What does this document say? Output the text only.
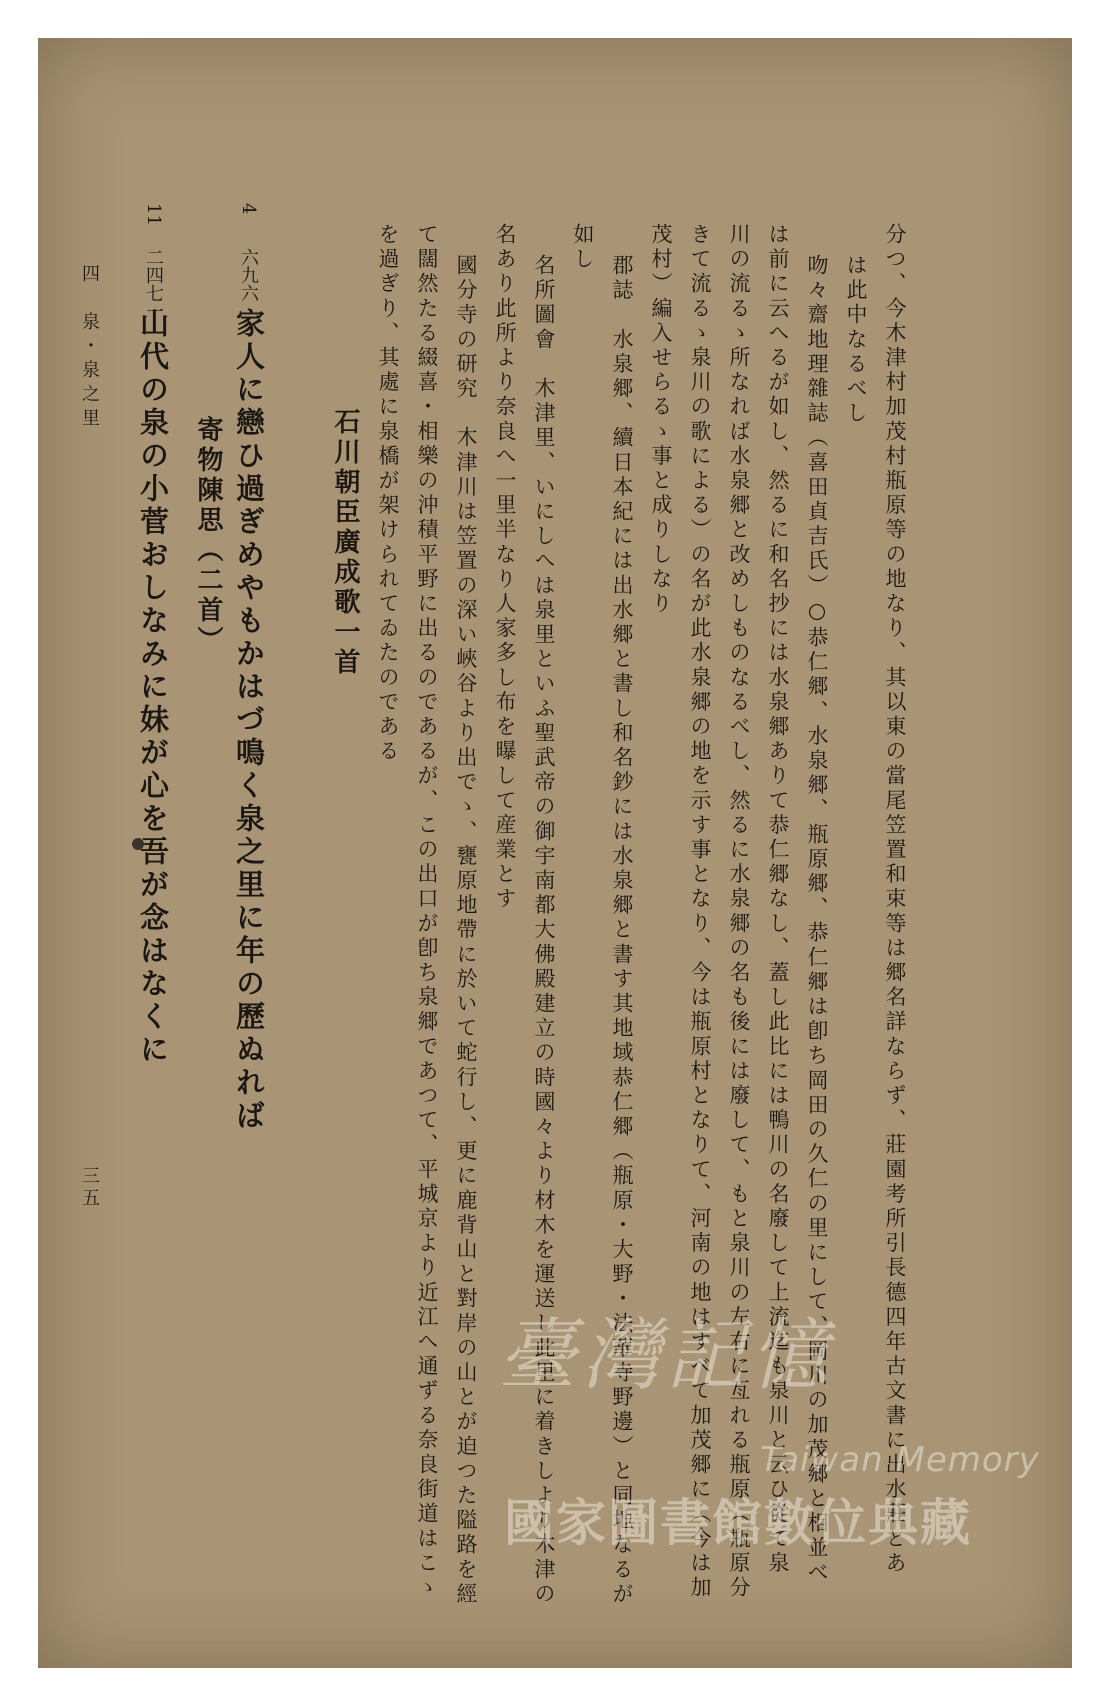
分つ、今木津村加茂村瓶原等の地なり、其以東の當尾笠置和束等は郷名詳ならず、莊園考所引長德四年古文書に出水莊とあ
は此中なるべし
吻々齋地理雜誌（喜田貞吉氏）○恭仁郷、水泉郷、瓶原郷、恭仁郷は卽ち岡田の久仁の里にして、岡川の加茂郷と相並べ
は前に云へるが如し、然るに和名抄には水泉郷ありて恭仁郷なし、蓋し此比には鴨川の名廢して上流迄も泉川と云ひ從て泉
川の流るゝ所なれば水泉郷と改めしものなるべし、然るに水泉郷の名も後には廢して、もと泉川の左右に亙れる瓶原（瓶原分
きて流るゝ泉川の歌による）の名が此水泉郷の地を示す事となり、今は瓶原村となりて、河南の地はすべて加茂郷に（今は加
茂村）編入せらるゝ事と成りしなり
郡誌　水泉郷、續日本紀には出水郷と書し和名鈔には水泉郷と書す其地域恭仁郷（瓶原・大野・法華寺野邊）と同地なるが
如し
名所圖會　木津里、いにしへは泉里といふ聖武帝の御宇南都大佛殿建立の時國々より材木を運送し此里に着きしより木津の
名あり此所より奈良へ一里半なり人家多し布を曝して産業とす
國分寺の研究　木津川は笠置の深い峽谷より出でゝ、甕原地帶に於いて蛇行し、更に鹿背山と對岸の山とが迫つた隘路を經
て闊然たる綴喜・相樂の沖積平野に出るのであるが、この出口が卽ち泉郷であつて、平城京より近江へ通ずる奈良街道はこゝ
を過ぎり、其處に泉橋が架けられてゐたのである
石川朝臣廣成歌一首
4
六九六
家人に戀ひ過ぎめやもかはづ鳴く泉之里に年の歷ぬれば
寄物陳思（二首）
11
二四七一
山代の泉の小菅おしなみに妹が心を吾が念はなくに
四　泉・泉之里
三五
臺灣記憶
Taiwan Memory
國家圖書館數位典藏
